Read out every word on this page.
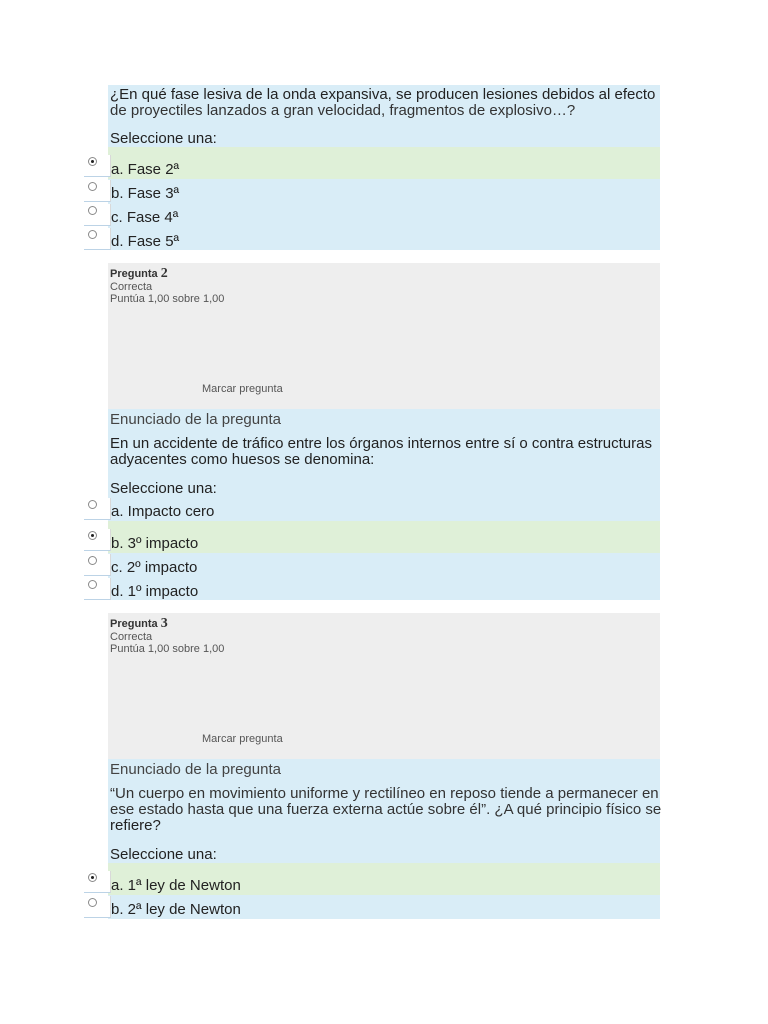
¿En qué fase lesiva de la onda expansiva, se producen lesiones debidos al efecto
de proyectiles lanzados a gran velocidad, fragmentos de explosivo…?
Seleccione una:
a. Fase 2ª
b. Fase 3ª
c. Fase 4ª
d. Fase 5ª
Pregunta 2
Correcta
Puntúa 1,00 sobre 1,00
Marcar pregunta
Enunciado de la pregunta
En un accidente de tráfico entre los órganos internos entre sí o contra estructuras
adyacentes como huesos se denomina:
Seleccione una:
a. Impacto cero
b. 3º impacto
c. 2º impacto
d. 1º impacto
Pregunta 3
Correcta
Puntúa 1,00 sobre 1,00
Marcar pregunta
Enunciado de la pregunta
“Un cuerpo en movimiento uniforme y rectilíneo en reposo tiende a permanecer en
ese estado hasta que una fuerza externa actúe sobre él”. ¿A qué principio físico se
refiere?
Seleccione una:
a. 1ª ley de Newton
b. 2ª ley de Newton
